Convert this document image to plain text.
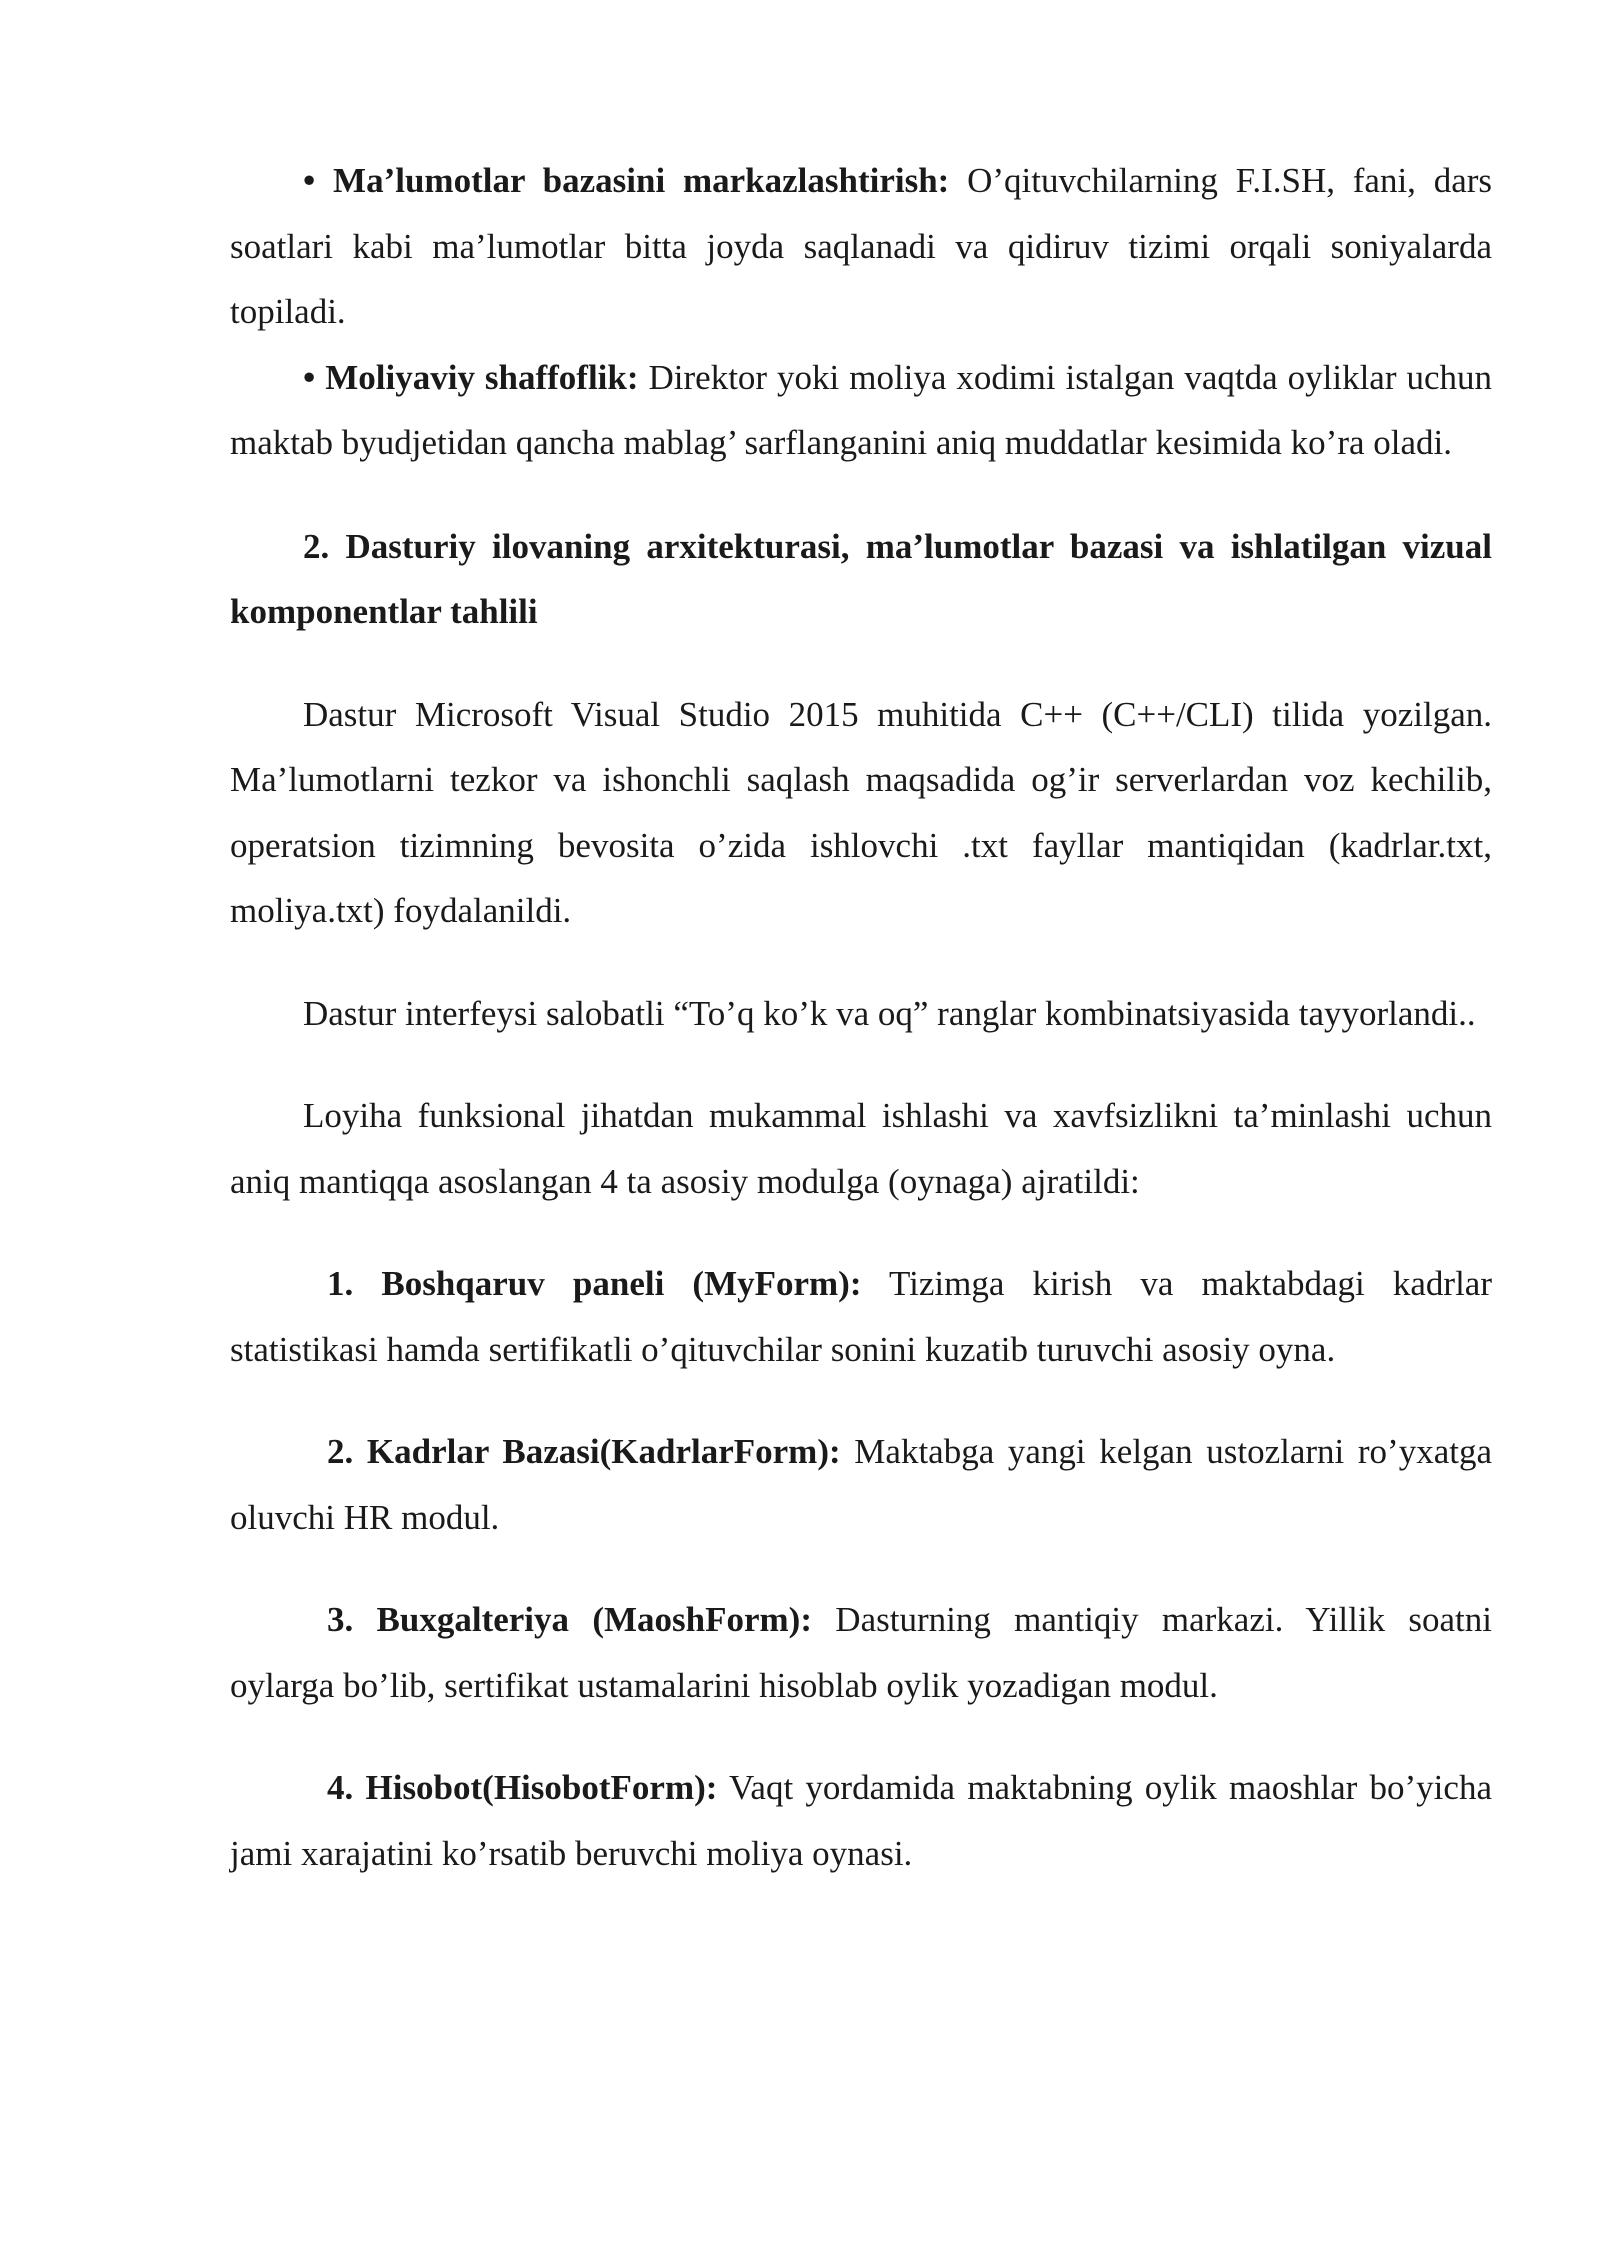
• Ma’lumotlar bazasini markazlashtirish: O’qituvchilarning F.I.SH, fani, dars soatlari kabi ma’lumotlar bitta joyda saqlanadi va qidiruv tizimi orqali soniyalarda topiladi.

• Moliyaviy shaffoflik: Direktor yoki moliya xodimi istalgan vaqtda oyliklar uchun maktab byudjetidan qancha mablag’ sarflanganini aniq muddatlar kesimida ko’ra oladi.

2. Dasturiy ilovaning arxitekturasi, ma’lumotlar bazasi va ishlatilgan vizual komponentlar tahlili

Dastur Microsoft Visual Studio 2015 muhitida C++ (C++/CLI) tilida yozilgan. Ma’lumotlarni tezkor va ishonchli saqlash maqsadida og’ir serverlardan voz kechilib, operatsion tizimning bevosita o’zida ishlovchi .txt fayllar mantiqidan (kadrlar.txt, moliya.txt) foydalanildi.

Dastur interfeysi salobatli “To’q ko’k va oq” ranglar kombinatsiyasida tayyorlandi..

Loyiha funksional jihatdan mukammal ishlashi va xavfsizlikni ta’minlashi uchun aniq mantiqqa asoslangan 4 ta asosiy modulga (oynaga) ajratildi:

1. Boshqaruv paneli (MyForm): Tizimga kirish va maktabdagi kadrlar statistikasi hamda sertifikatli o’qituvchilar sonini kuzatib turuvchi asosiy oyna.

2. Kadrlar Bazasi(KadrlarForm): Maktabga yangi kelgan ustozlarni ro’yxatga oluvchi HR modul.

3. Buxgalteriya (MaoshForm): Dasturning mantiqiy markazi. Yillik soatni oylarga bo’lib, sertifikat ustamalarini hisoblab oylik yozadigan modul.

4. Hisobot(HisobotForm): Vaqt yordamida maktabning oylik maoshlar bo’yicha jami xarajatini ko’rsatib beruvchi moliya oynasi.
